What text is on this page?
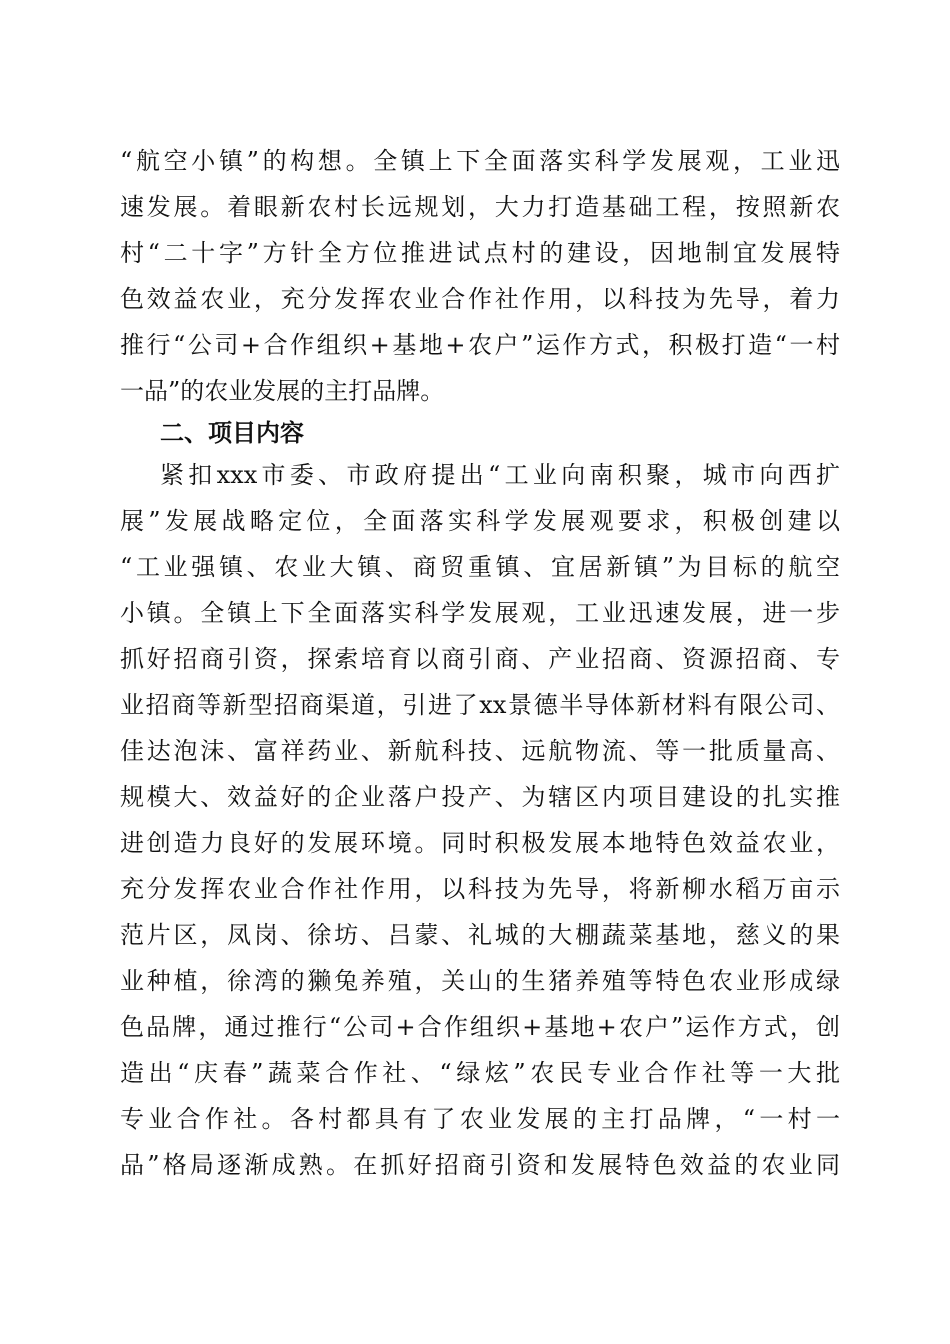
“航空小镇”的构想。全镇上下全面落实科学发展观，工业迅
速发展。着眼新农村长远规划，大力打造基础工程，按照新农
村“二十字”方针全方位推进试点村的建设，因地制宜发展特
色效益农业，充分发挥农业合作社作用，以科技为先导，着力
推行“公司+合作组织+基地+农户”运作方式，积极打造“一村
一品”的农业发展的主打品牌。
二、项目内容
紧扣xxx市委、市政府提出“工业向南积聚，城市向西扩
展”发展战略定位，全面落实科学发展观要求，积极创建以
“工业强镇、农业大镇、商贸重镇、宜居新镇”为目标的航空
小镇。全镇上下全面落实科学发展观，工业迅速发展，进一步
抓好招商引资，探索培育以商引商、产业招商、资源招商、专
业招商等新型招商渠道，引进了xx景德半导体新材料有限公司、
佳达泡沫、富祥药业、新航科技、远航物流、等一批质量高、
规模大、效益好的企业落户投产、为辖区内项目建设的扎实推
进创造力良好的发展环境。同时积极发展本地特色效益农业，
充分发挥农业合作社作用，以科技为先导，将新柳水稻万亩示
范片区，凤岗、徐坊、吕蒙、礼城的大棚蔬菜基地，慈义的果
业种植，徐湾的獭兔养殖，关山的生猪养殖等特色农业形成绿
色品牌，通过推行“公司+合作组织+基地+农户”运作方式，创
造出“庆春”蔬菜合作社、“绿炫”农民专业合作社等一大批
专业合作社。各村都具有了农业发展的主打品牌，“一村一
品”格局逐渐成熟。在抓好招商引资和发展特色效益的农业同
